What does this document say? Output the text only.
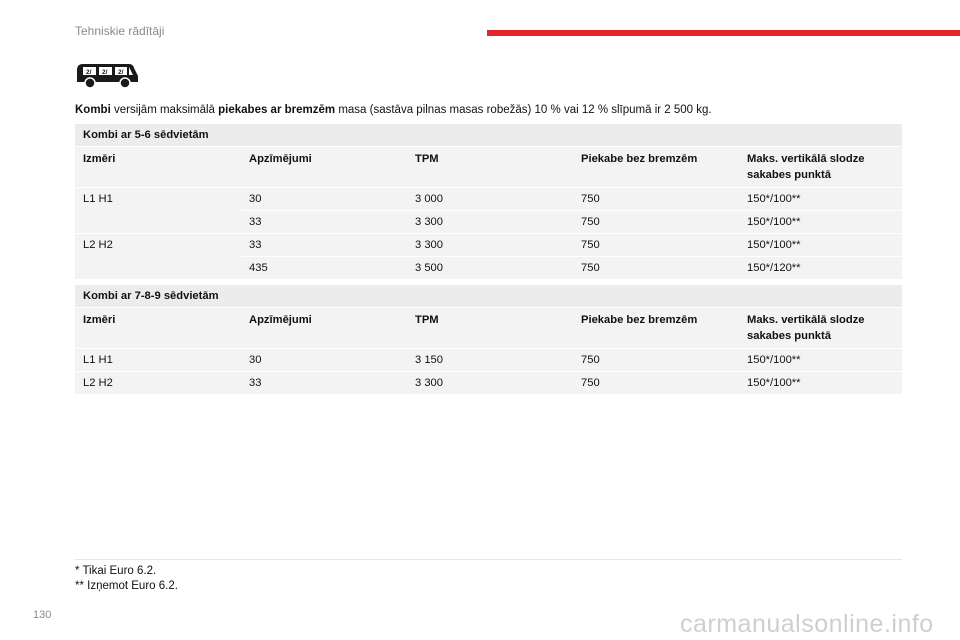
Tehniskie rādītāji
2/ 2/ 2/
Kombi versijām maksimālā piekabes ar bremzēm masa (sastāva pilnas masas robežās) 10 % vai 12 % slīpumā ir 2 500 kg.
Kombi ar 5-6 sēdvietām				
Izmēri	Apzīmējumi	TPM	Piekabe bez bremzēm	Maks. vertikālā slodze sakabes punktā
L1 H1	30	3 000	750	150*/100**
	33	3 300	750	150*/100**
L2 H2	33	3 300	750	150*/100**
	435	3 500	750	150*/120**
Kombi ar 7-8-9 sēdvietām				
Izmēri	Apzīmējumi	TPM	Piekabe bez bremzēm	Maks. vertikālā slodze sakabes punktā
L1 H1	30	3 150	750	150*/100**
L2 H2	33	3 300	750	150*/100**
* Tikai Euro 6.2.
** Izņemot Euro 6.2.
130	carmanualsonline.info
